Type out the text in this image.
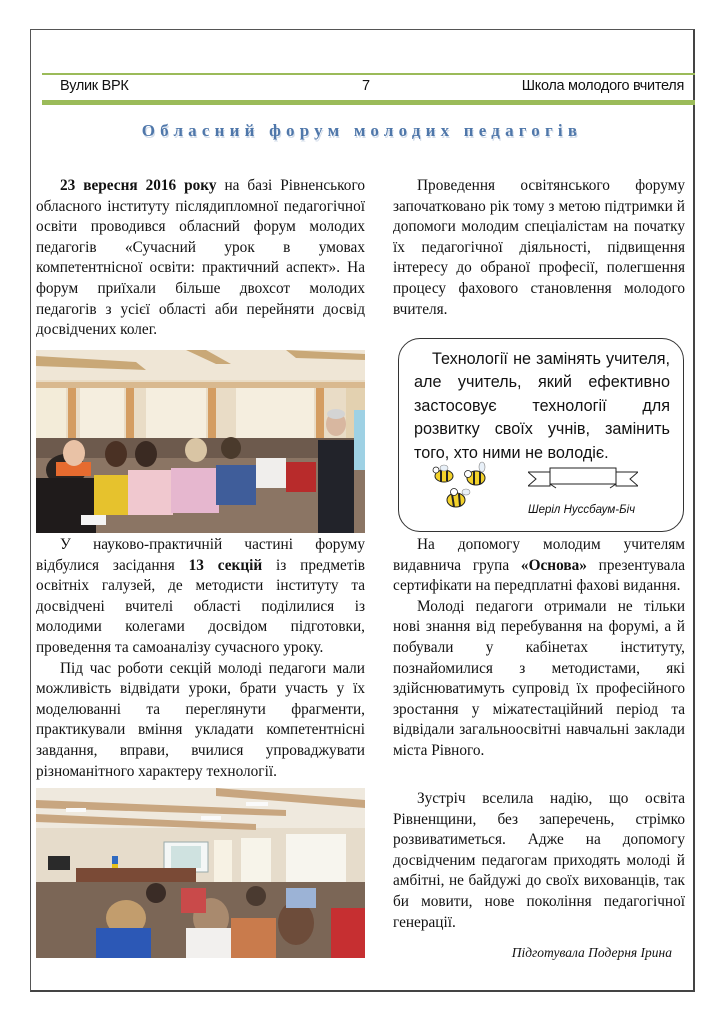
Вулик ВРК	7	Школа молодого вчителя
Обласний форум молодих педагогів

23 вересня 2016 року на базі Рівненського обласного інституту післядипломної педагогічної освіти проводився обласний форум молодих педагогів «Сучасний урок в умовах компетентнісної освіти: практичний аспект». На форум приїхали більше двохсот молодих педагогів з усієї області аби перейняти досвід досвідчених колег.

Проведення освітянського форуму започатковано рік тому з метою підтримки й допомоги молодим спеціалістам на початку їх педагогічної діяльності, підвищення інтересу до обраної професії, полегшення процесу фахового становлення молодого вчителя.

Технології не замінять учителя, але учитель, який ефективно застосовує технології для розвитку своїх учнів, замінить того, хто ними не володіє.

Шеріл Нуссбаум-Біч

У науково-практичній частині форуму відбулися засідання 13 секцій із предметів освітніх галузей, де методисти інституту та досвідчені вчителі області поділилися із молодими колегами досвідом підготовки, проведення та самоаналізу сучасного уроку.

Під час роботи секцій молоді педагоги мали можливість відвідати уроки, брати участь у їх моделюванні та переглянути фрагменти, практикували вміння укладати компетентнісні завдання, вправи, вчилися упроваджувати різноманітного характеру технології.

На допомогу молодим учителям видавнича група «Основа» презентувала сертифікати на передплатні фахові видання.

Молоді педагоги отримали не тільки нові знання від перебування на форумі, а й побували у кабінетах інституту, познайомилися з методистами, які здійснюватимуть супровід їх професійного зростання у міжатестаційний період та відвідали загальноосвітні навчальні заклади міста Рівного.

Зустріч вселила надію, що освіта Рівненщини, без заперечень, стрімко розвиватиметься. Адже на допомогу досвідченим педагогам приходять молоді й амбітні, не байдужі до своїх вихованців, так би мовити, нове покоління педагогічної генерації.

Підготувала Подерня Ірина
